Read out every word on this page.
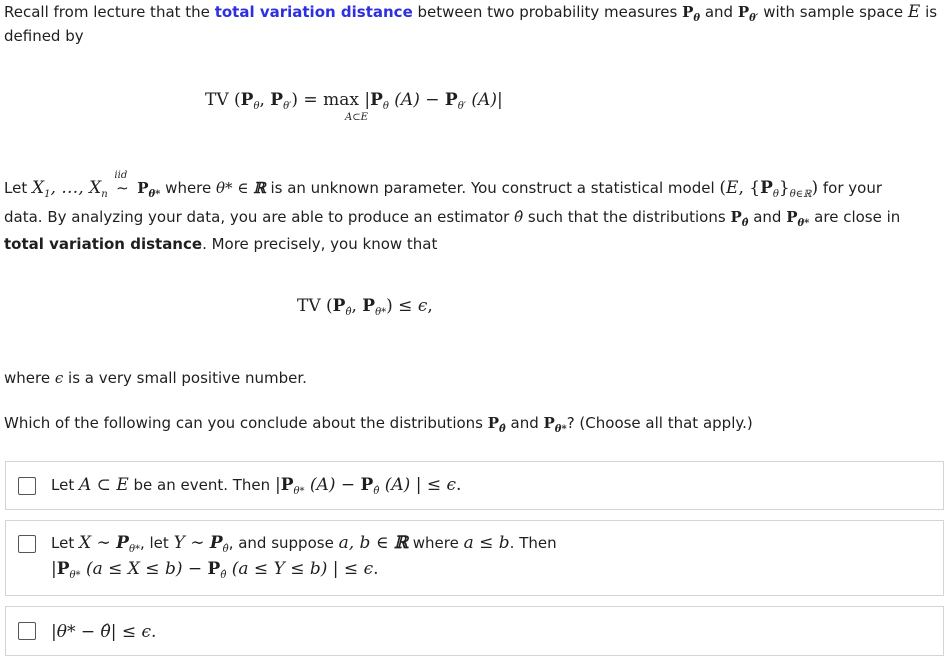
Recall from lecture that the total variation distance between two probability measures $P_\theta$ and $P_{\theta'}$ with sample space E is
defined by
TV ($P_\theta$, $P_{\theta'}) = \max |P_\theta$ $(A) - P_{\theta'}$ (A)|
A⊂E
Let $X_1$, …, $X_n$
iid
∼ $P_{\theta*}$ where θ* ∈ ℝ is an unknown parameter. You construct a statistical model (E, $\{P_\theta\}_{\theta\in ℝ}$) for your
data. By analyzing your data, you are able to produce an estimator θ̂ such that the distributions $P_{\thetâ}$ and $P_{\theta*}$ are close in
total variation distance. More precisely, you know that
TV ($P_{\thetâ}$, $P_{\theta*}) \le \epsilon$,
where ϵ is a very small positive number.
Which of the following can you conclude about the distributions $P_{\thetâ}$ and $P_{\theta*}$? (Choose all that apply.)
Let A ⊂ E be an event. Then $|P_{\theta*}$ $(A) - P_{\thetâ}$ (A) | ≤ ϵ.
Let X ∼ $P_{\theta*}$, let Y ∼ $P_{\thetâ}$, and suppose a, b ∈ ℝ where a ≤ b. Then
$|P_{\theta*}$ $(a \le X \le b) - P_{\thetâ}$ (a ≤ Y ≤ b) | ≤ ϵ.
|θ* − θ̂| ≤ ϵ.
